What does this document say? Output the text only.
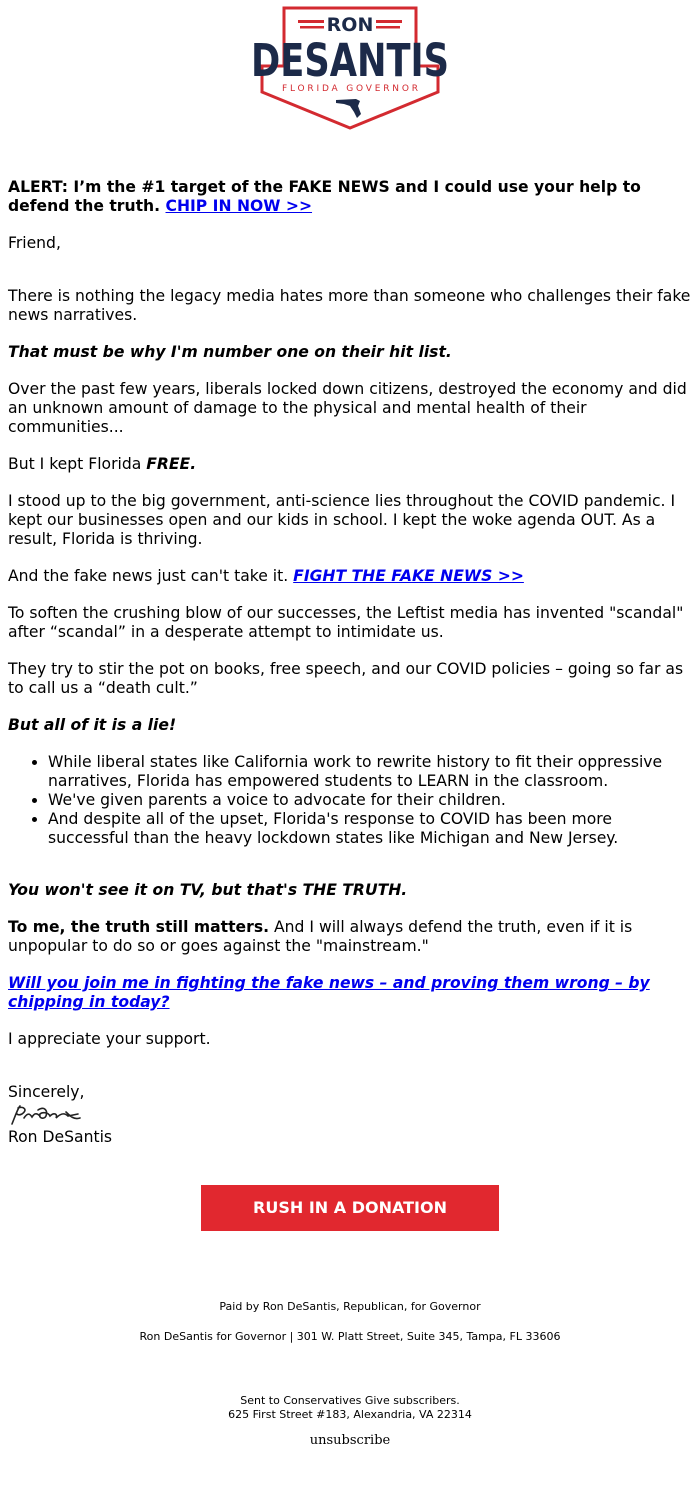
RON
DESANTIS
FLORIDA GOVERNOR

ALERT: I’m the #1 target of the FAKE NEWS and I could use your help to defend the truth. CHIP IN NOW >>

Friend,

There is nothing the legacy media hates more than someone who challenges their fake news narratives.

That must be why I'm number one on their hit list.

Over the past few years, liberals locked down citizens, destroyed the economy and did an unknown amount of damage to the physical and mental health of their communities...

But I kept Florida FREE.

I stood up to the big government, anti-science lies throughout the COVID pandemic. I kept our businesses open and our kids in school. I kept the woke agenda OUT. As a result, Florida is thriving.

And the fake news just can't take it. FIGHT THE FAKE NEWS >>

To soften the crushing blow of our successes, the Leftist media has invented "scandal" after “scandal” in a desperate attempt to intimidate us.

They try to stir the pot on books, free speech, and our COVID policies – going so far as to call us a “death cult.”

But all of it is a lie!

• While liberal states like California work to rewrite history to fit their oppressive narratives, Florida has empowered students to LEARN in the classroom.
• We've given parents a voice to advocate for their children.
• And despite all of the upset, Florida's response to COVID has been more successful than the heavy lockdown states like Michigan and New Jersey.

You won't see it on TV, but that's THE TRUTH.

To me, the truth still matters. And I will always defend the truth, even if it is unpopular to do so or goes against the "mainstream."

Will you join me in fighting the fake news – and proving them wrong – by chipping in today?

I appreciate your support.

Sincerely,
Ron DeSantis
RUSH IN A DONATION
Paid by Ron DeSantis, Republican, for Governor
Ron DeSantis for Governor | 301 W. Platt Street, Suite 345, Tampa, FL 33606
Sent to Conservatives Give subscribers.
625 First Street #183, Alexandria, VA 22314
unsubscribe
